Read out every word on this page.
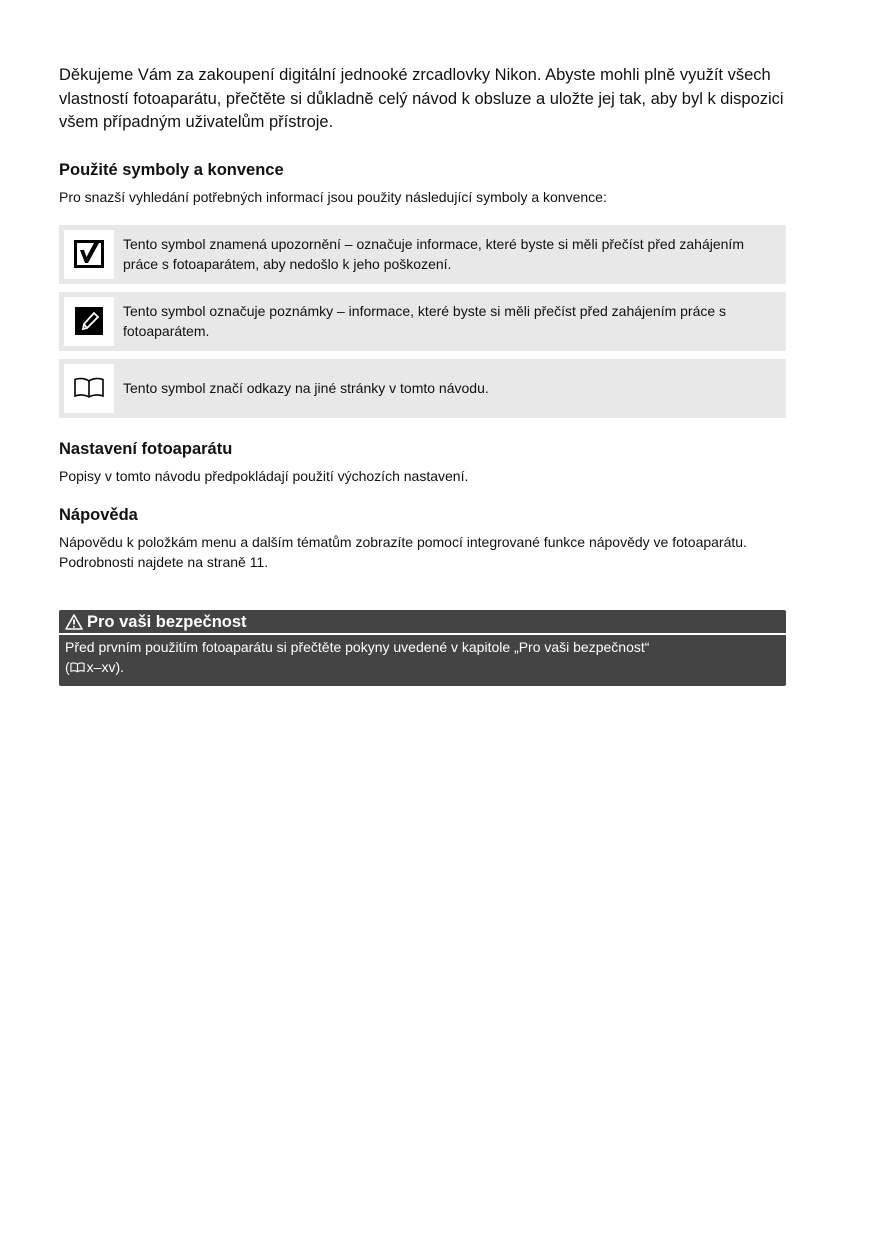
Děkujeme Vám za zakoupení digitální jednooké zrcadlovky Nikon. Abyste mohli plně využít všech vlastností fotoaparátu, přečtěte si důkladně celý návod k obsluze a uložte jej tak, aby byl k dispozici všem případným uživatelům přístroje.

Použité symboly a konvence

Pro snazší vyhledání potřebných informací jsou použity následující symboly a konvence:

Tento symbol znamená upozornění – označuje informace, které byste si měli přečíst před zahájením práce s fotoaparátem, aby nedošlo k jeho poškození.
Tento symbol označuje poznámky – informace, které byste si měli přečíst před zahájením práce s fotoaparátem.
Tento symbol značí odkazy na jiné stránky v tomto návodu.
Nastavení fotoaparátu

Popisy v tomto návodu předpokládají použití výchozích nastavení.

Nápověda

Nápovědu k položkám menu a dalším tématům zobrazíte pomocí integrované funkce nápovědy ve fotoaparátu. Podrobnosti najdete na straně 11.

Pro vaši bezpečnost
Před prvním použitím fotoaparátu si přečtěte pokyny uvedené v kapitole „Pro vaši bezpečnost“
( x–xv).
